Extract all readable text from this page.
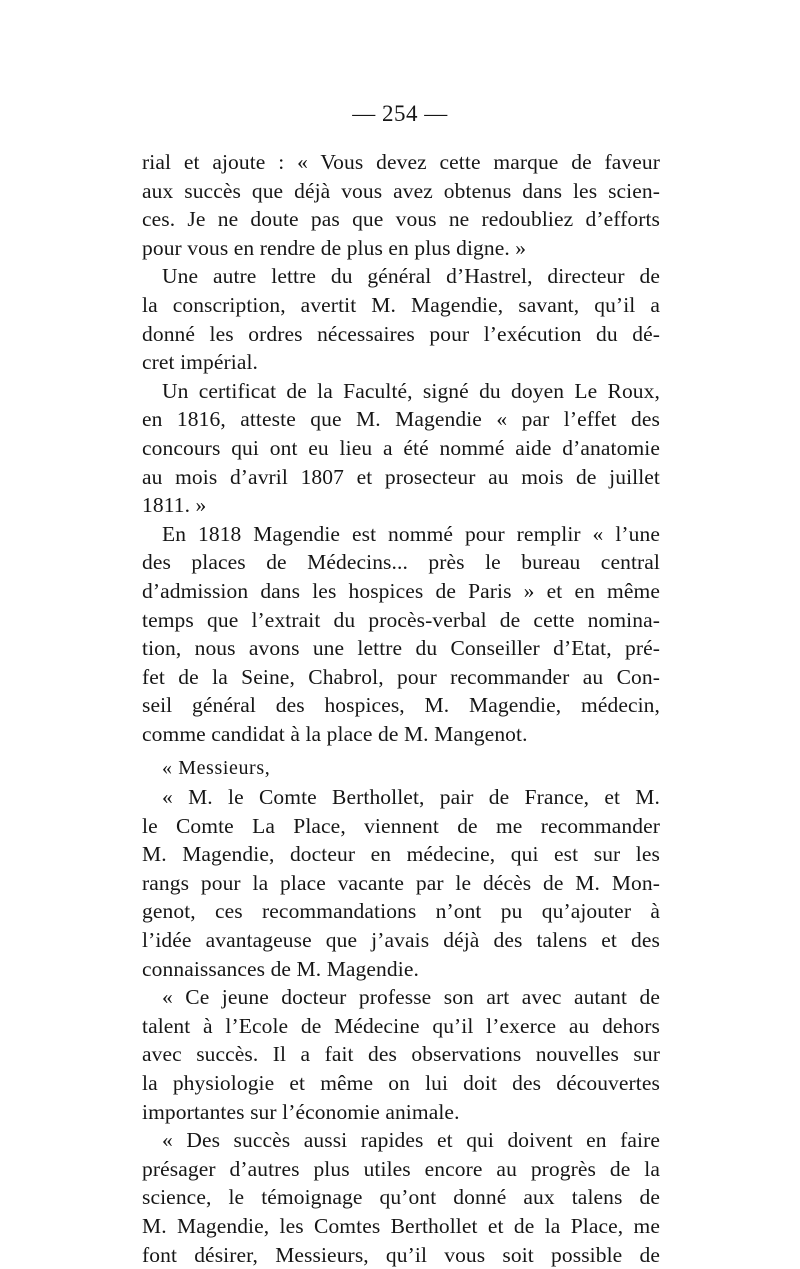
— 254 —
rial et ajoute : « Vous devez cette marque de faveur
aux succès que déjà vous avez obtenus dans les scien-
ces. Je ne doute pas que vous ne redoubliez d’efforts
pour vous en rendre de plus en plus digne. »
Une autre lettre du général d’Hastrel, directeur de
la conscription, avertit M. Magendie, savant, qu’il a
donné les ordres nécessaires pour l’exécution du dé-
cret impérial.
Un certificat de la Faculté, signé du doyen Le Roux,
en 1816, atteste que M. Magendie « par l’effet des
concours qui ont eu lieu a été nommé aide d’anatomie
au mois d’avril 1807 et prosecteur au mois de juillet
1811. »
En 1818 Magendie est nommé pour remplir « l’une
des places de Médecins... près le bureau central
d’admission dans les hospices de Paris » et en même
temps que l’extrait du procès-verbal de cette nomina-
tion, nous avons une lettre du Conseiller d’Etat, pré-
fet de la Seine, Chabrol, pour recommander au Con-
seil général des hospices, M. Magendie, médecin,
comme candidat à la place de M. Mangenot.
« Messieurs,
« M. le Comte Berthollet, pair de France, et M.
le Comte La Place, viennent de me recommander
M. Magendie, docteur en médecine, qui est sur les
rangs pour la place vacante par le décès de M. Mon-
genot, ces recommandations n’ont pu qu’ajouter à
l’idée avantageuse que j’avais déjà des talens et des
connaissances de M. Magendie.
« Ce jeune docteur professe son art avec autant de
talent à l’Ecole de Médecine qu’il l’exerce au dehors
avec succès. Il a fait des observations nouvelles sur
la physiologie et même on lui doit des découvertes
importantes sur l’économie animale.
« Des succès aussi rapides et qui doivent en faire
présager d’autres plus utiles encore au progrès de la
science, le témoignage qu’ont donné aux talens de
M. Magendie, les Comtes Berthollet et de la Place, me
font désirer, Messieurs, qu’il vous soit possible de
